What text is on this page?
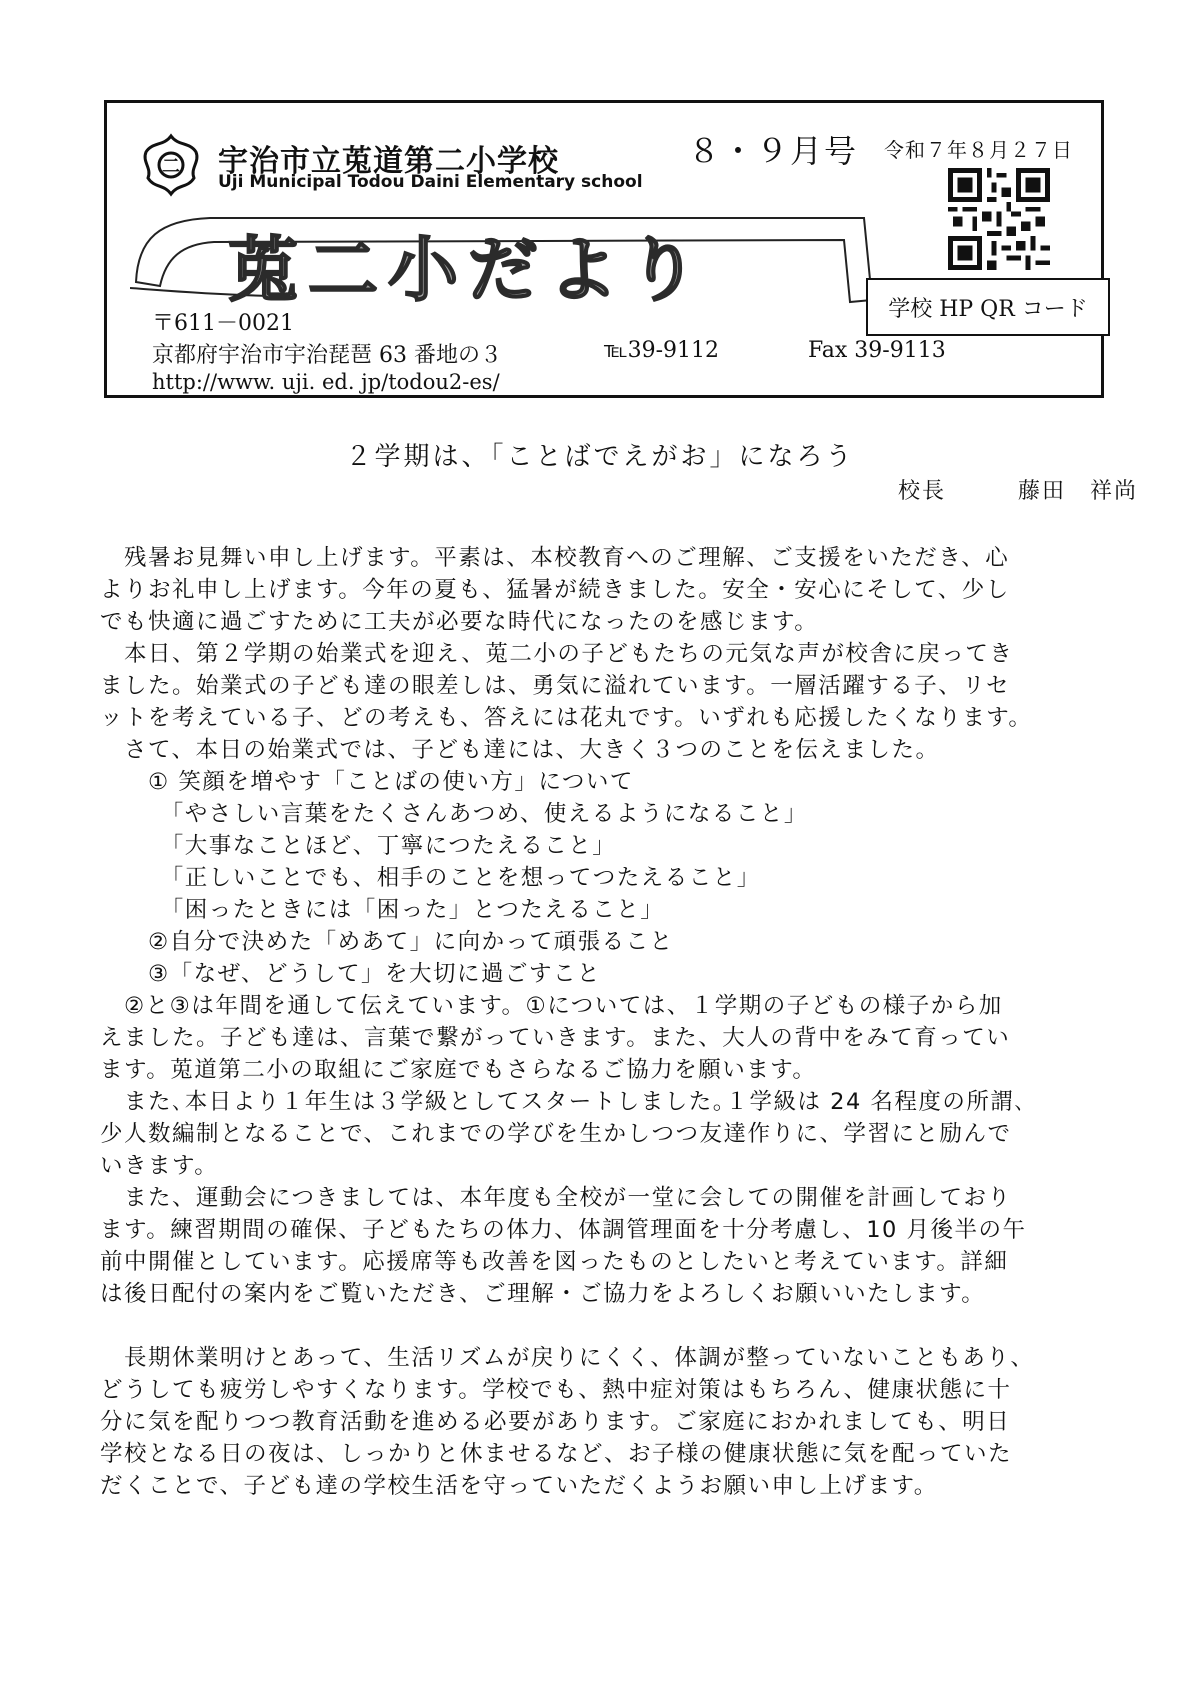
二 宇治市立莵道第二小学校
Uji Municipal Todou Daini Elementary school
８・９月号 令和７年８月２７日
莵二小だより	学校 HP QR コード
〒611－0021
京都府宇治市宇治琵琶 63 番地の３	℡39-9112	Fax 39-9113
http://www. uji. ed. jp/todou2-es/
２学期は、「ことばでえがお」になろう
校長	藤田　祥尚
　残暑お見舞い申し上げます。平素は、本校教育へのご理解、ご支援をいただき、心
よりお礼申し上げます。今年の夏も、猛暑が続きました。安全・安心にそして、少し
でも快適に過ごすために工夫が必要な時代になったのを感じます。
　本日、第２学期の始業式を迎え、莵二小の子どもたちの元気な声が校舎に戻ってき
ました。始業式の子ども達の眼差しは、勇気に溢れています。一層活躍する子、リセ
ットを考えている子、どの考えも、答えには花丸です。いずれも応援したくなります。
　さて、本日の始業式では、子ども達には、大きく３つのことを伝えました。
　　① 笑顔を増やす「ことばの使い方」について
　　　「やさしい言葉をたくさんあつめ、使えるようになること」
　　　「大事なことほど、丁寧につたえること」
　　　「正しいことでも、相手のことを想ってつたえること」
　　　「困ったときには「困った」とつたえること」
　　②自分で決めた「めあて」に向かって頑張ること
　　③「なぜ、どうして」を大切に過ごすこと
　②と③は年間を通して伝えています。①については、１学期の子どもの様子から加
えました。子ども達は、言葉で繋がっていきます。また、大人の背中をみて育ってい
ます。莵道第二小の取組にご家庭でもさらなるご協力を願います。
　また､本日より１年生は３学級としてスタートしました｡１学級は 24 名程度の所謂､
少人数編制となることで、これまでの学びを生かしつつ友達作りに、学習にと励んで
いきます。
　また、運動会につきましては、本年度も全校が一堂に会しての開催を計画しており
ます。練習期間の確保、子どもたちの体力、体調管理面を十分考慮し、10 月後半の午
前中開催としています。応援席等も改善を図ったものとしたいと考えています。詳細
は後日配付の案内をご覧いただき、ご理解・ご協力をよろしくお願いいたします。
　長期休業明けとあって、生活リズムが戻りにくく、体調が整っていないこともあり、
どうしても疲労しやすくなります。学校でも、熱中症対策はもちろん、健康状態に十
分に気を配りつつ教育活動を進める必要があります。ご家庭におかれましても、明日
学校となる日の夜は、しっかりと休ませるなど、お子様の健康状態に気を配っていた
だくことで、子ども達の学校生活を守っていただくようお願い申し上げます。
